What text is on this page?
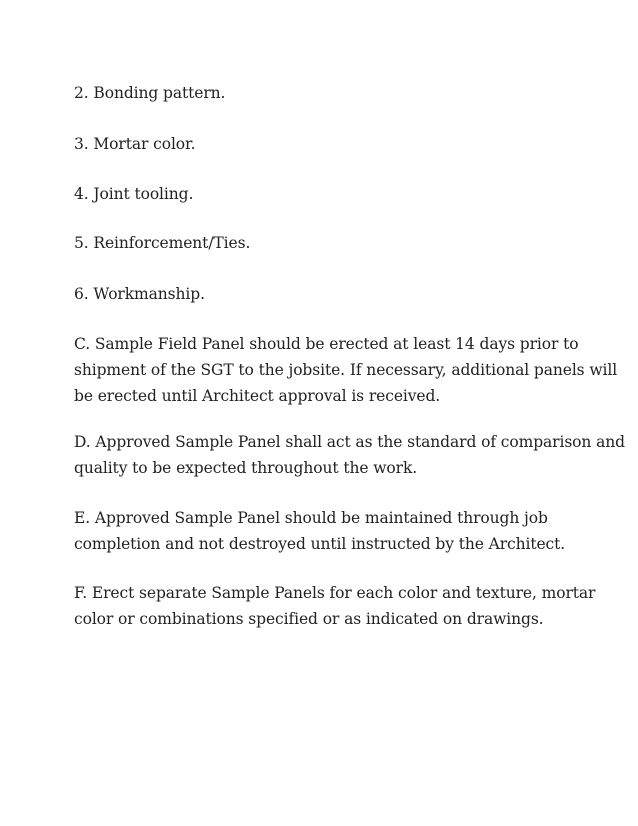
2. Bonding pattern.
3. Mortar color.
4. Joint tooling.
5. Reinforcement/Ties.
6. Workmanship.
C. Sample Field Panel should be erected at least 14 days prior to
shipment of the SGT to the jobsite. If necessary, additional panels will
be erected until Architect approval is received.
D. Approved Sample Panel shall act as the standard of comparison and
quality to be expected throughout the work.
E. Approved Sample Panel should be maintained through job
completion and not destroyed until instructed by the Architect.
F. Erect separate Sample Panels for each color and texture, mortar
color or combinations specified or as indicated on drawings.
